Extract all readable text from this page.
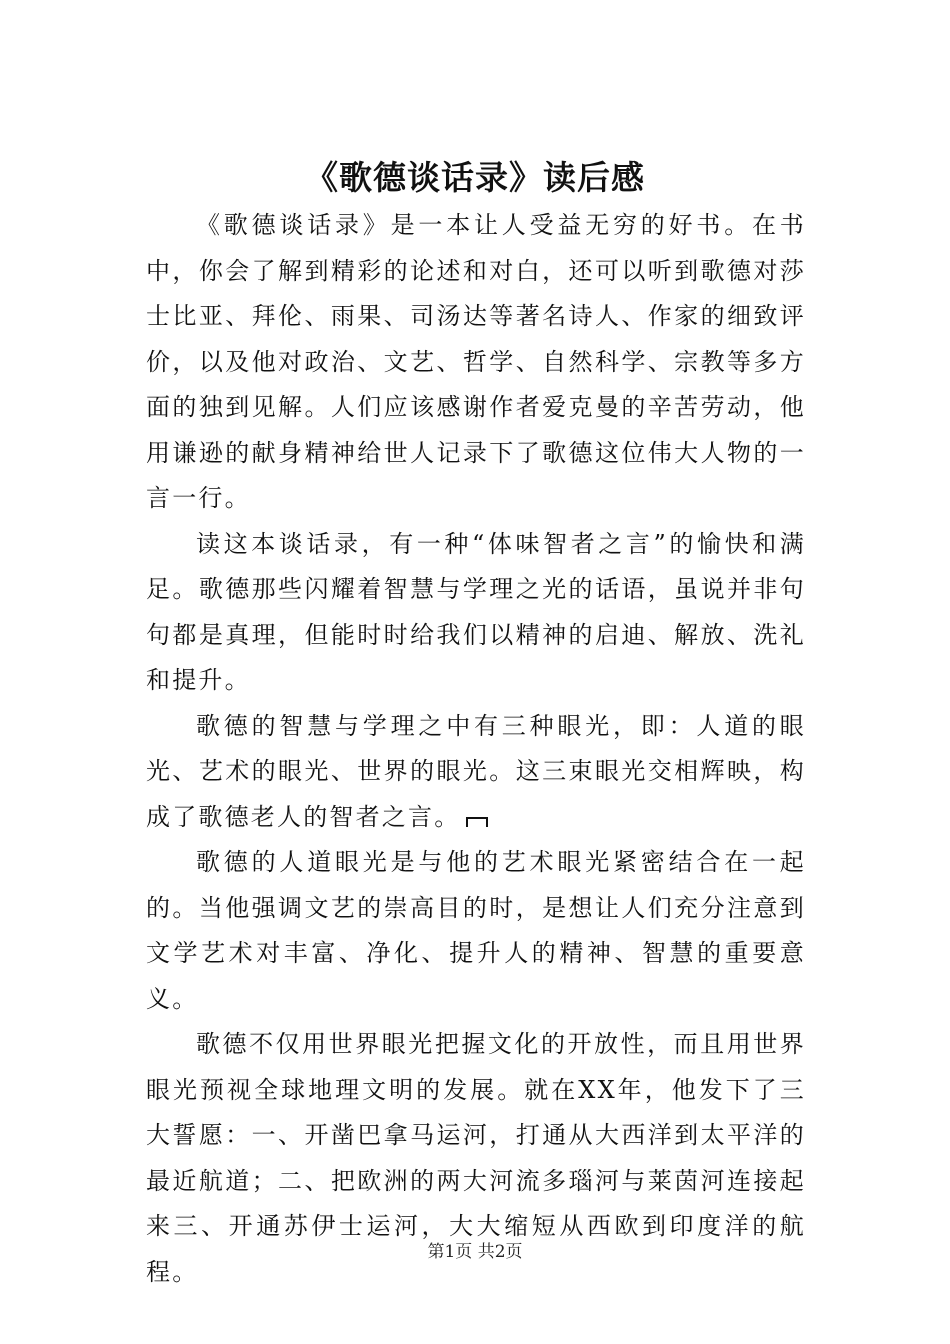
《歌德谈话录》读后感

《歌德谈话录》是一本让人受益无穷的好书。在书中，你会了解到精彩的论述和对白，还可以听到歌德对莎士比亚、拜伦、雨果、司汤达等著名诗人、作家的细致评价，以及他对政治、文艺、哲学、自然科学、宗教等多方面的独到见解。人们应该感谢作者爱克曼的辛苦劳动，他用谦逊的献身精神给世人记录下了歌德这位伟大人物的一言一行。

读这本谈话录，有一种“体味智者之言”的愉快和满足。歌德那些闪耀着智慧与学理之光的话语，虽说并非句句都是真理，但能时时给我们以精神的启迪、解放、洗礼和提升。

歌德的智慧与学理之中有三种眼光，即：人道的眼光、艺术的眼光、世界的眼光。这三束眼光交相辉映，构成了歌德老人的智者之言。

歌德的人道眼光是与他的艺术眼光紧密结合在一起的。当他强调文艺的崇高目的时，是想让人们充分注意到文学艺术对丰富、净化、提升人的精神、智慧的重要意义。

歌德不仅用世界眼光把握文化的开放性，而且用世界眼光预视全球地理文明的发展。就在XX年，他发下了三大誓愿：一、开凿巴拿马运河，打通从大西洋到太平洋的最近航道；二、把欧洲的两大河流多瑙河与莱茵河连接起来三、开通苏伊士运河，大大缩短从西欧到印度洋的航程。

第1页 共2页
